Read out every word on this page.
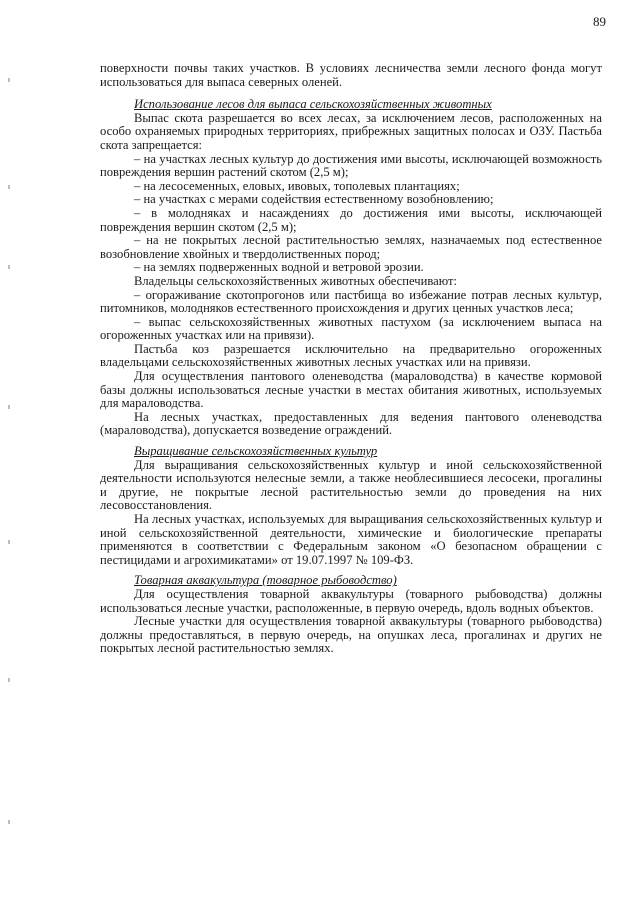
89

поверхности почвы таких участков. В условиях лесничества земли лесного фонда могут использоваться для выпаса северных оленей.

Использование лесов для выпаса сельскохозяйственных животных

Выпас скота разрешается во всех лесах, за исключением лесов, расположенных на особо охраняемых природных территориях, прибрежных защитных полосах и ОЗУ. Пастьба скота запрещается:

– на участках лесных культур до достижения ими высоты, исключающей возможность повреждения вершин растений скотом (2,5 м);

– на лесосеменных, еловых, ивовых, тополевых плантациях;

– на участках с мерами содействия естественному возобновлению;

– в молодняках и насаждениях до достижения ими высоты, исключающей повреждения вершин скотом (2,5 м);

– на не покрытых лесной растительностью землях, назначаемых под естественное возобновление хвойных и твердолиственных пород;

– на землях подверженных водной и ветровой эрозии.

Владельцы сельскохозяйственных животных обеспечивают:

– огораживание скотопрогонов или пастбища во избежание потрав лесных культур, питомников, молодняков естественного происхождения и других ценных участков леса;

– выпас сельскохозяйственных животных пастухом (за исключением выпаса на огороженных участках или на привязи).

Пастьба коз разрешается исключительно на предварительно огороженных владельцами сельскохозяйственных животных лесных участках или на привязи.

Для осуществления пантового оленеводства (мараловодства) в качестве кормовой базы должны использоваться лесные участки в местах обитания животных, используемых для мараловодства.

На лесных участках, предоставленных для ведения пантового оленеводства (мараловодства), допускается возведение ограждений.

Выращивание сельскохозяйственных культур

Для выращивания сельскохозяйственных культур и иной сельскохозяйственной деятельности используются нелесные земли, а также необлесившиеся лесосеки, прогалины и другие, не покрытые лесной растительностью земли до проведения на них лесовосстановления.

На лесных участках, используемых для выращивания сельскохозяйственных культур и иной сельскохозяйственной деятельности, химические и биологические препараты применяются в соответствии с Федеральным законом «О безопасном обращении с пестицидами и агрохимикатами» от 19.07.1997 № 109-ФЗ.

Товарная аквакультура (товарное рыбоводство)

Для осуществления товарной аквакультуры (товарного рыбоводства) должны использоваться лесные участки, расположенные, в первую очередь, вдоль водных объектов.

Лесные участки для осуществления товарной аквакультуры (товарного рыбоводства) должны предоставляться, в первую очередь, на опушках леса, прогалинах и других не покрытых лесной растительностью землях.
